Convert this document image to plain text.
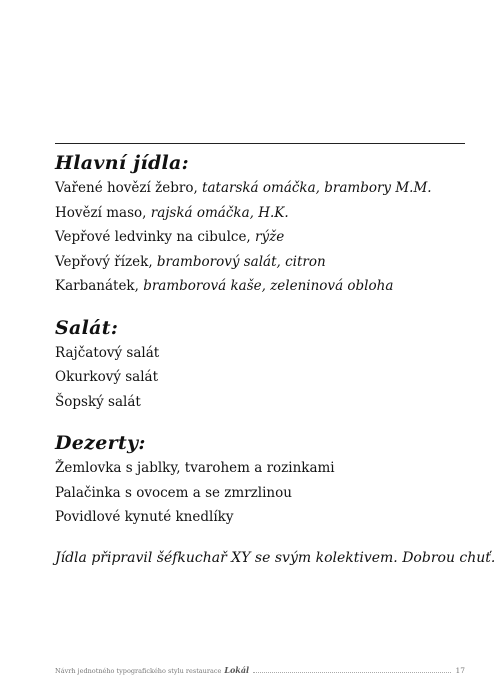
Hlavní jídla:

Vařené hovězí žebro, tatarská omáčka, brambory M.M.

Hovězí maso, rajská omáčka, H.K.

Vepřové ledvinky na cibulce, rýže

Vepřový řízek, bramborový salát, citron

Karbanátek, bramborová kaše, zeleninová obloha

Salát:

Rajčatový salát

Okurkový salát

Šopský salát

Dezerty:

Žemlovka s jablky, tvarohem a rozinkami

Palačinka s ovocem a se zmrzlinou

Povidlové kynuté knedlíky

Jídla připravil šéfkuchař XY se svým kolektivem. Dobrou chuť.

Návrh jednotného typografického stylu restaurace Lokál	17
